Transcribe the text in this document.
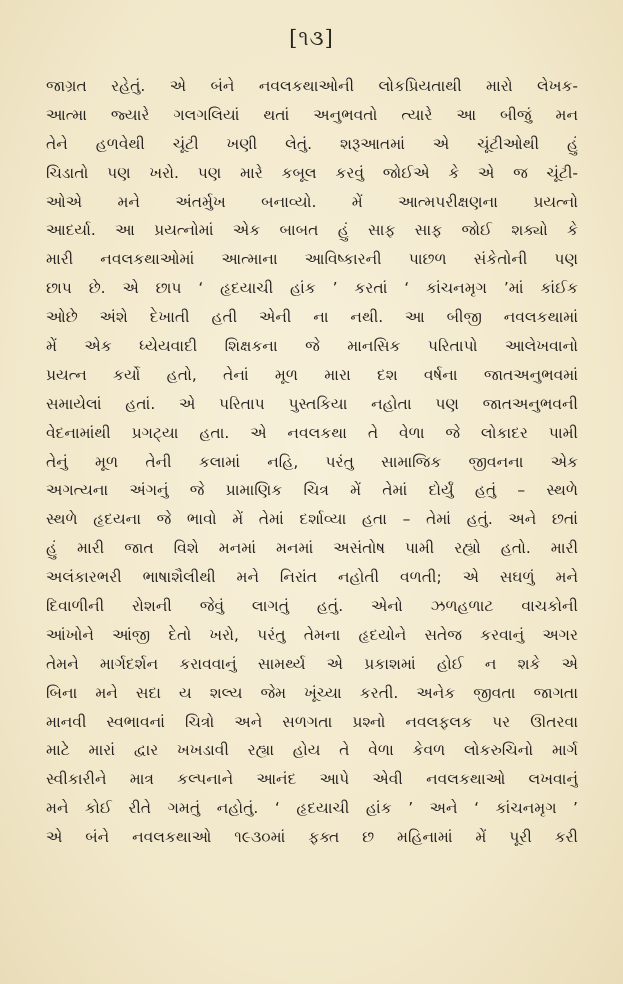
[૧૩]
જાગ્રત રહેતું. એ બંને નવલકથાઓની લોકપ્રિયતાથી મારો લેખક-
આત્મા જ્યારે ગલગલિયાં થતાં અનુભવતો ત્યારે આ બીજું મન
તેને હળવેથી ચૂંટી ખણી લેતું. શરૂઆતમાં એ ચૂંટીઓથી હું
ચિડાતો પણ ખરો. પણ મારે કબૂલ કરવું જોઈએ કે એ જ ચૂંટી-
ઓએ મને અંતર્મુખ બનાવ્યો. મેં આત્મપરીક્ષણના પ્રયત્નો
આદર્યા. આ પ્રયત્નોમાં એક બાબત હું સાફ સાફ જોઈ શક્યો કે
મારી નવલકથાઓમાં આત્માના આવિષ્કારની પાછળ સંકેતોની પણ
છાપ છે. એ છાપ ‘ હૃદયાચી હાંક ’ કરતાં ‘ કાંચનમૃગ ’માં કાંઈક
ઓછે અંશે દેખાતી હતી એની ના નથી. આ બીજી નવલકથામાં
મેં એક ધ્યેયવાદી શિક્ષકના જે માનસિક પરિતાપો આલેખવાનો
પ્રયત્ન કર્યો હતો, તેનાં મૂળ મારા દશ વર્ષના જાતઅનુભવમાં
સમાયેલાં હતાં. એ પરિતાપ પુસ્તકિયા નહોતા પણ જાતઅનુભવની
વેદનામાંથી પ્રગટ્યા હતા. એ નવલકથા તે વેળા જે લોકાદર પામી
તેનું મૂળ તેની કલામાં નહિ, પરંતુ સામાજિક જીવનના એક
અગત્યના અંગનું જે પ્રામાણિક ચિત્ર મેં તેમાં દોર્યું હતું – સ્થળે
સ્થળે હૃદયના જે ભાવો મેં તેમાં દર્શાવ્યા હતા – તેમાં હતું. અને છતાં
હું મારી જાત વિશે મનમાં મનમાં અસંતોષ પામી રહ્યો હતો. મારી
અલંકારભરી ભાષાશૈલીથી મને નિરાંત નહોતી વળતી; એ સઘળું મને
દિવાળીની રોશની જેવું લાગતું હતું. એનો ઝળહળાટ વાચકોની
આંખોને આંજી દેતો ખરો, પરંતુ તેમના હૃદયોને સતેજ કરવાનું અગર
તેમને માર્ગદર્શન કરાવવાનું સામર્થ્ય એ પ્રકાશમાં હોઈ ન શકે એ
બિના મને સદા ય શલ્ય જેમ ખૂંચ્યા કરતી. અનેક જીવતા જાગતા
માનવી સ્વભાવનાં ચિત્રો અને સળગતા પ્રશ્નો નવલફલક પર ઊતરવા
માટે મારાં દ્વાર ખખડાવી રહ્યા હોય તે વેળા કેવળ લોકરુચિનો માર્ગ
સ્વીકારીને માત્ર કલ્પનાને આનંદ આપે એવી નવલકથાઓ લખવાનું
મને કોઈ રીતે ગમતું નહોતું. ‘ હૃદયાચી હાંક ’ અને ‘ કાંચનમૃગ ’
એ બંને નવલકથાઓ ૧૯૩૦માં ફક્ત છ મહિનામાં મેં પૂરી કરી
